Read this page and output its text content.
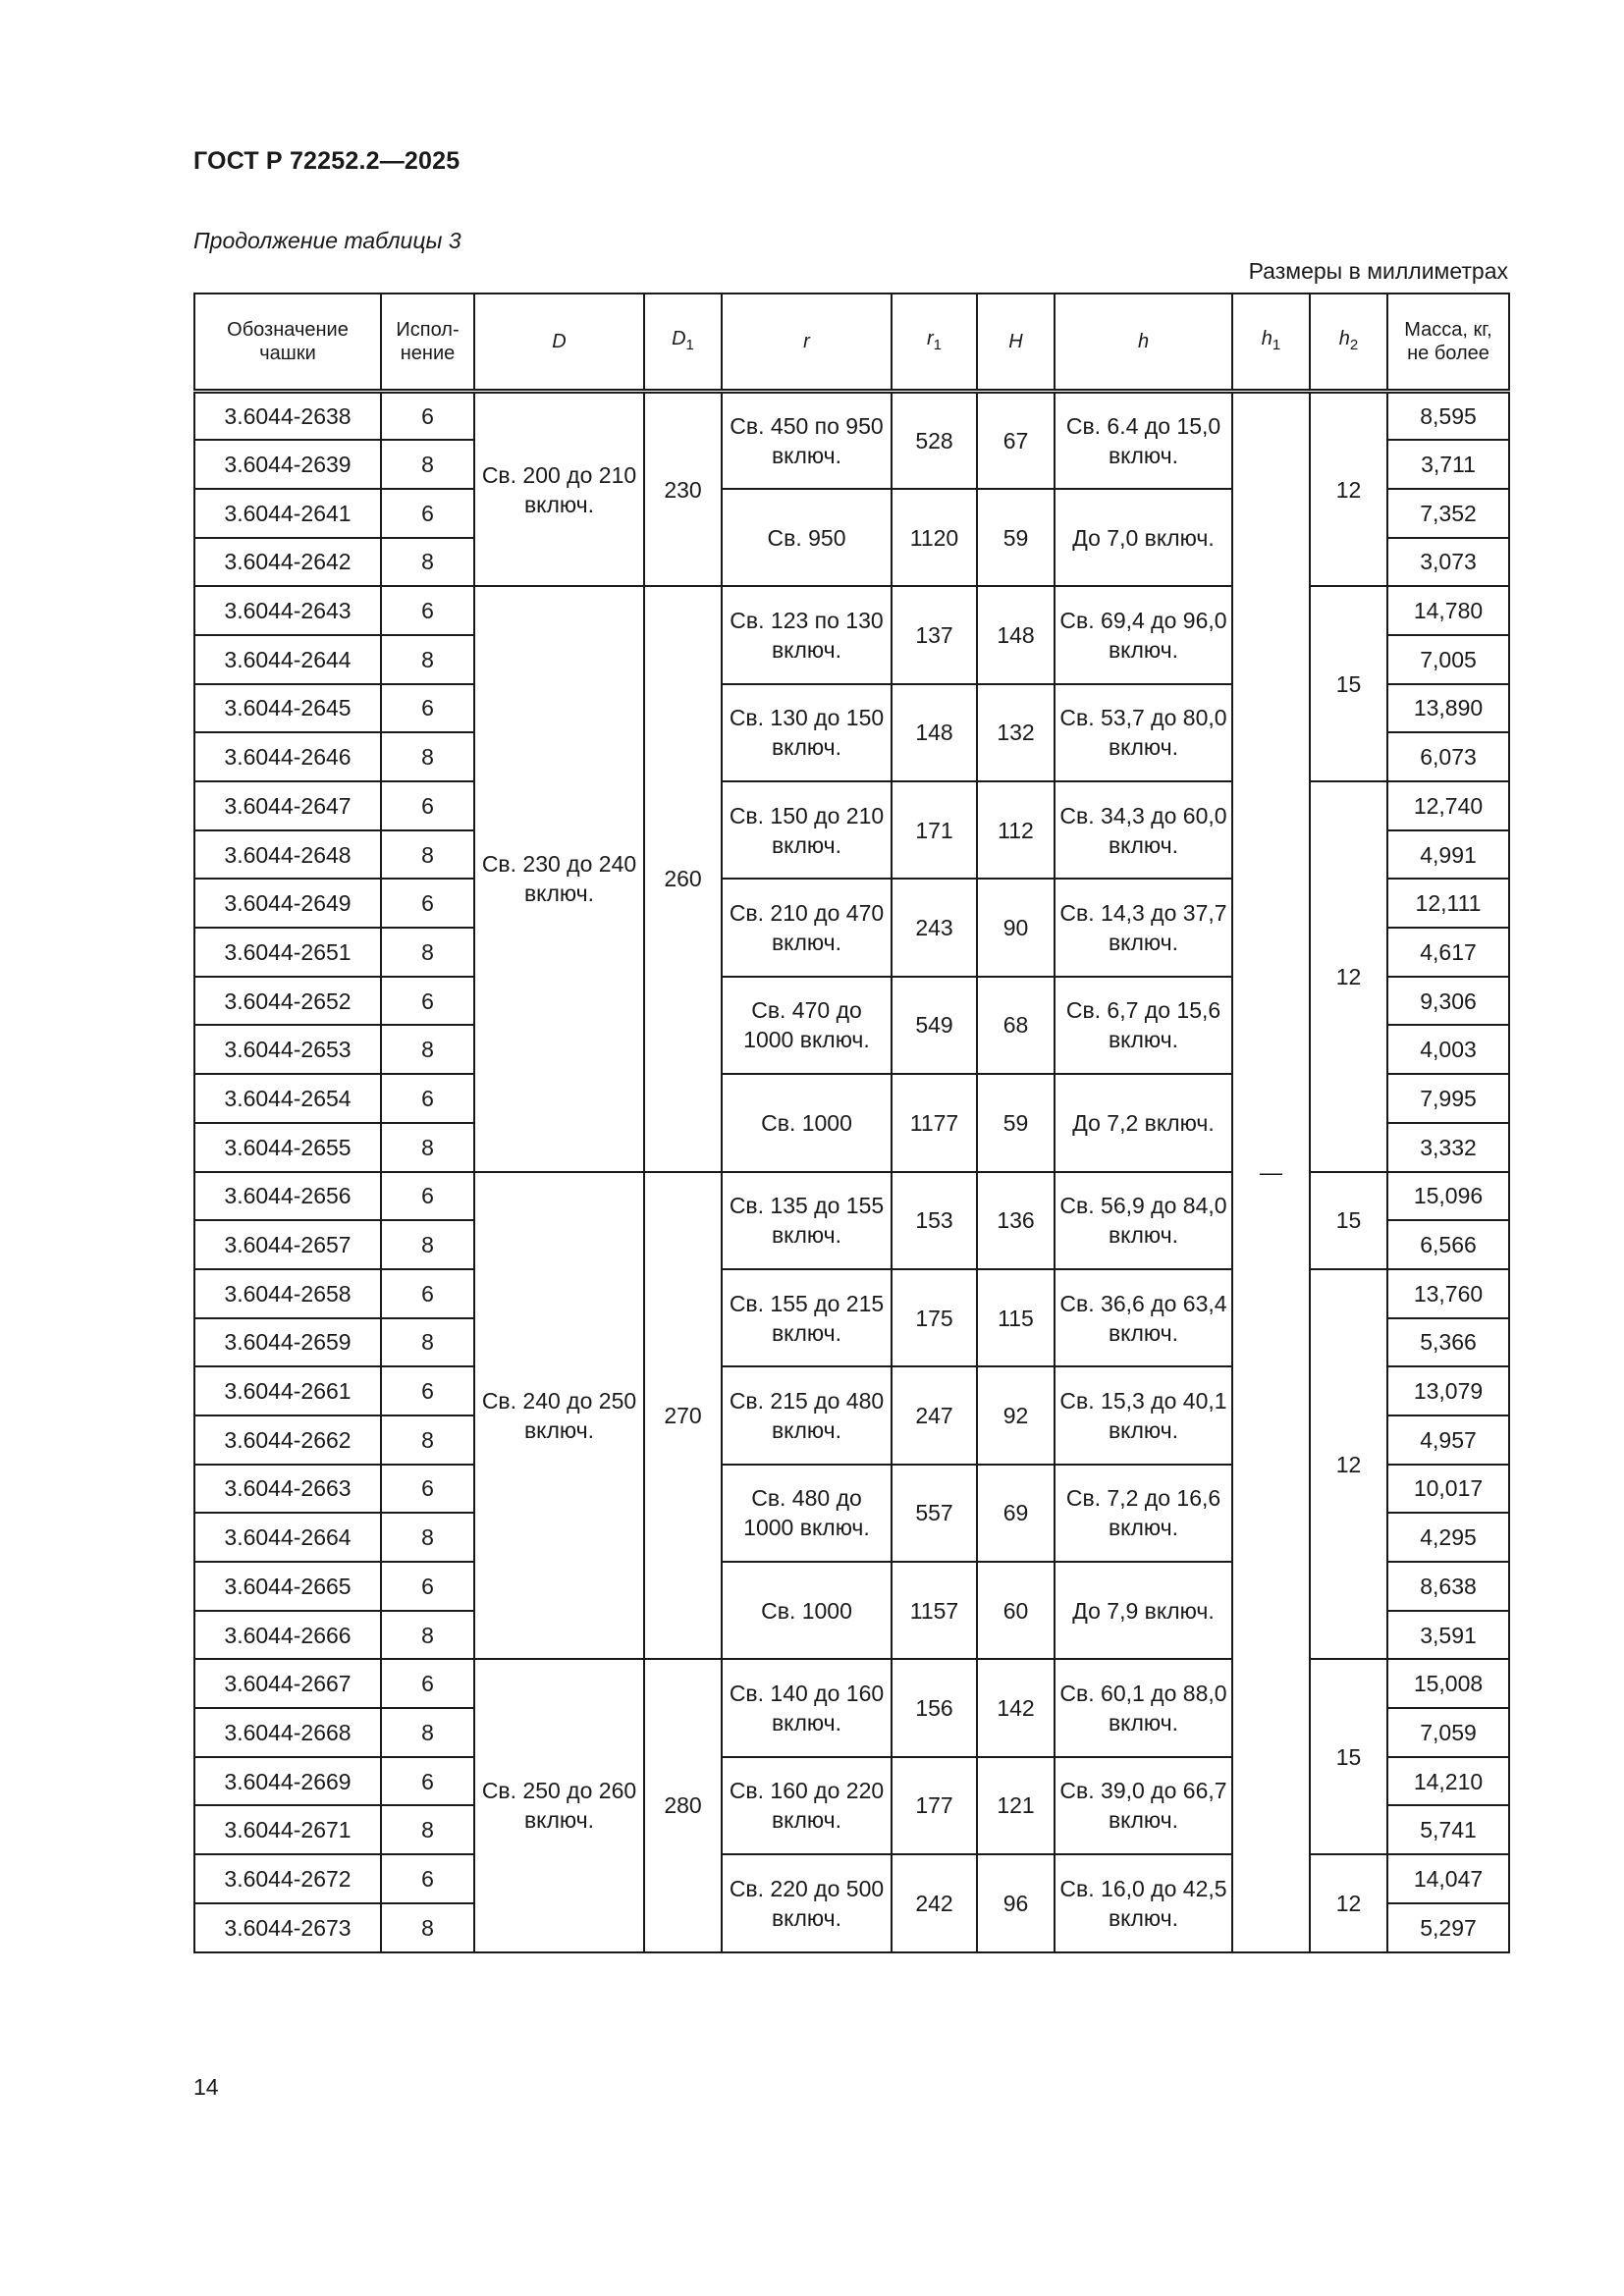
ГОСТ Р 72252.2—2025
Продолжение таблицы 3
Размеры в миллиметрах
Обозначение чашки	Испол-нение	D	$D_1$	r	$r_1$	H	h	$h_1$	$h_2$	Масса, кг, не более
3.6044-2638	6	Св. 200 до 210 включ.	230	Св. 450 по 950 включ.	528	67	Св. 6.4 до 15,0 включ.	—	12	8,595
3.6044-2639	8									3,711
3.6044-2641	6			Св. 950	1120	59	До 7,0 включ.			7,352
3.6044-2642	8									3,073
3.6044-2643	6	Св. 230 до 240 включ.	260	Св. 123 по 130 включ.	137	148	Св. 69,4 до 96,0 включ.		15	14,780
3.6044-2644	8									7,005
3.6044-2645	6			Св. 130 до 150 включ.	148	132	Св. 53,7 до 80,0 включ.			13,890
3.6044-2646	8									6,073
3.6044-2647	6			Св. 150 до 210 включ.	171	112	Св. 34,3 до 60,0 включ.		12	12,740
3.6044-2648	8									4,991
3.6044-2649	6			Св. 210 до 470 включ.	243	90	Св. 14,3 до 37,7 включ.			12,111
3.6044-2651	8									4,617
3.6044-2652	6			Св. 470 до 1000 включ.	549	68	Св. 6,7 до 15,6 включ.			9,306
3.6044-2653	8									4,003
3.6044-2654	6			Св. 1000	1177	59	До 7,2 включ.			7,995
3.6044-2655	8									3,332
3.6044-2656	6	Св. 240 до 250 включ.	270	Св. 135 до 155 включ.	153	136	Св. 56,9 до 84,0 включ.		15	15,096
3.6044-2657	8									6,566
3.6044-2658	6			Св. 155 до 215 включ.	175	115	Св. 36,6 до 63,4 включ.		12	13,760
3.6044-2659	8									5,366
3.6044-2661	6			Св. 215 до 480 включ.	247	92	Св. 15,3 до 40,1 включ.			13,079
3.6044-2662	8									4,957
3.6044-2663	6			Св. 480 до 1000 включ.	557	69	Св. 7,2 до 16,6 включ.			10,017
3.6044-2664	8									4,295
3.6044-2665	6			Св. 1000	1157	60	До 7,9 включ.			8,638
3.6044-2666	8									3,591
3.6044-2667	6	Св. 250 до 260 включ.	280	Св. 140 до 160 включ.	156	142	Св. 60,1 до 88,0 включ.		15	15,008
3.6044-2668	8									7,059
3.6044-2669	6			Св. 160 до 220 включ.	177	121	Св. 39,0 до 66,7 включ.			14,210
3.6044-2671	8									5,741
3.6044-2672	6			Св. 220 до 500 включ.	242	96	Св. 16,0 до 42,5 включ.		12	14,047
3.6044-2673	8									5,297
14
